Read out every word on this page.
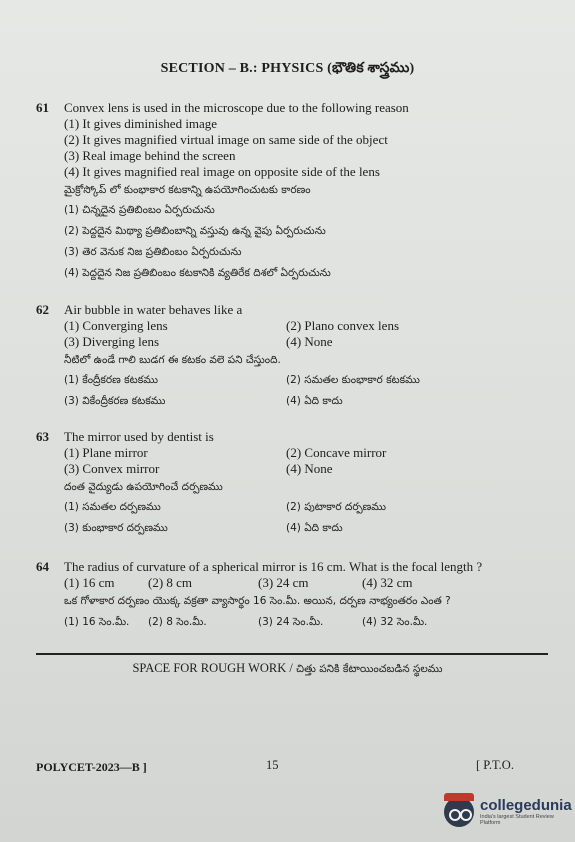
SECTION – B.: PHYSICS (భౌతిక శాస్త్రము)
61	Convex lens is used in the microscope due to the following reason
(1) It gives diminished image
(2) It gives magnified virtual image on same side of the object
(3) Real image behind the screen
(4) It gives magnified real image on opposite side of the lens
మైక్రోస్కోప్ లో కుంభాకార కటకాన్ని ఉపయోగించుటకు కారణం
(1) చిన్నదైన ప్రతిబింబం ఏర్పరుచును
(2) పెద్దదైన మిథ్యా ప్రతిబింబాన్ని వస్తువు ఉన్న వైపు ఏర్పరుచును
(3) తెర వెనుక నిజ ప్రతిబింబం ఏర్పరుచును
(4) పెద్దదైన నిజ ప్రతిబింబం కటకానికి వ్యతిరేక దిశలో ఏర్పరుచును
62	Air bubble in water behaves like a
(1) Converging lens	(2) Plano convex lens
(3) Diverging lens	(4) None
నీటిలో ఉండే గాలి బుడగ ఈ కటకం వలె పని చేస్తుంది.
(1) కేంద్రీకరణ కటకము	(2) సమతల కుంభాకార కటకము
(3) వికేంద్రీకరణ కటకము	(4) ఏది కాదు
63	The mirror used by dentist is
(1) Plane mirror	(2) Concave mirror
(3) Convex mirror	(4) None
దంత వైద్యుడు ఉపయోగించే దర్పణము
(1) సమతల దర్పణము	(2) పుటాకార దర్పణము
(3) కుంభాకార దర్పణము	(4) ఏది కాదు
64	The radius of curvature of a spherical mirror is 16 cm. What is the focal length ?
(1) 16 cm	(2) 8 cm	(3) 24 cm	(4) 32 cm
ఒక గోళాకార దర్పణం యొక్క వక్రతా వ్యాసార్థం 16 సెం.మీ. అయిన, దర్పణ నాభ్యంతరం ఎంత ?
(1) 16 సెం.మీ.	(2) 8 సెం.మీ.	(3) 24 సెం.మీ.	(4) 32 సెం.మీ.
SPACE FOR ROUGH WORK / చిత్తు పనికి కేటాయించబడిన స్థలము
POLYCET-2023—B ]	15	[ P.T.O.
collegedunia
India's largest Student Review Platform
